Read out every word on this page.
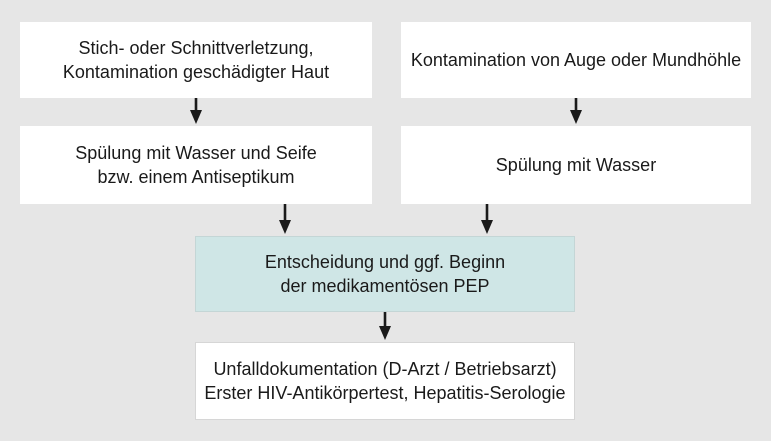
Stich- oder Schnittverletzung,
Kontamination geschädigter Haut
Kontamination von Auge oder Mundhöhle
Spülung mit Wasser und Seife
bzw. einem Antiseptikum
Spülung mit Wasser
Entscheidung und ggf. Beginn
der medikamentösen PEP
Unfalldokumentation (D-Arzt / Betriebsarzt)
Erster HIV-Antikörpertest, Hepatitis-Serologie
